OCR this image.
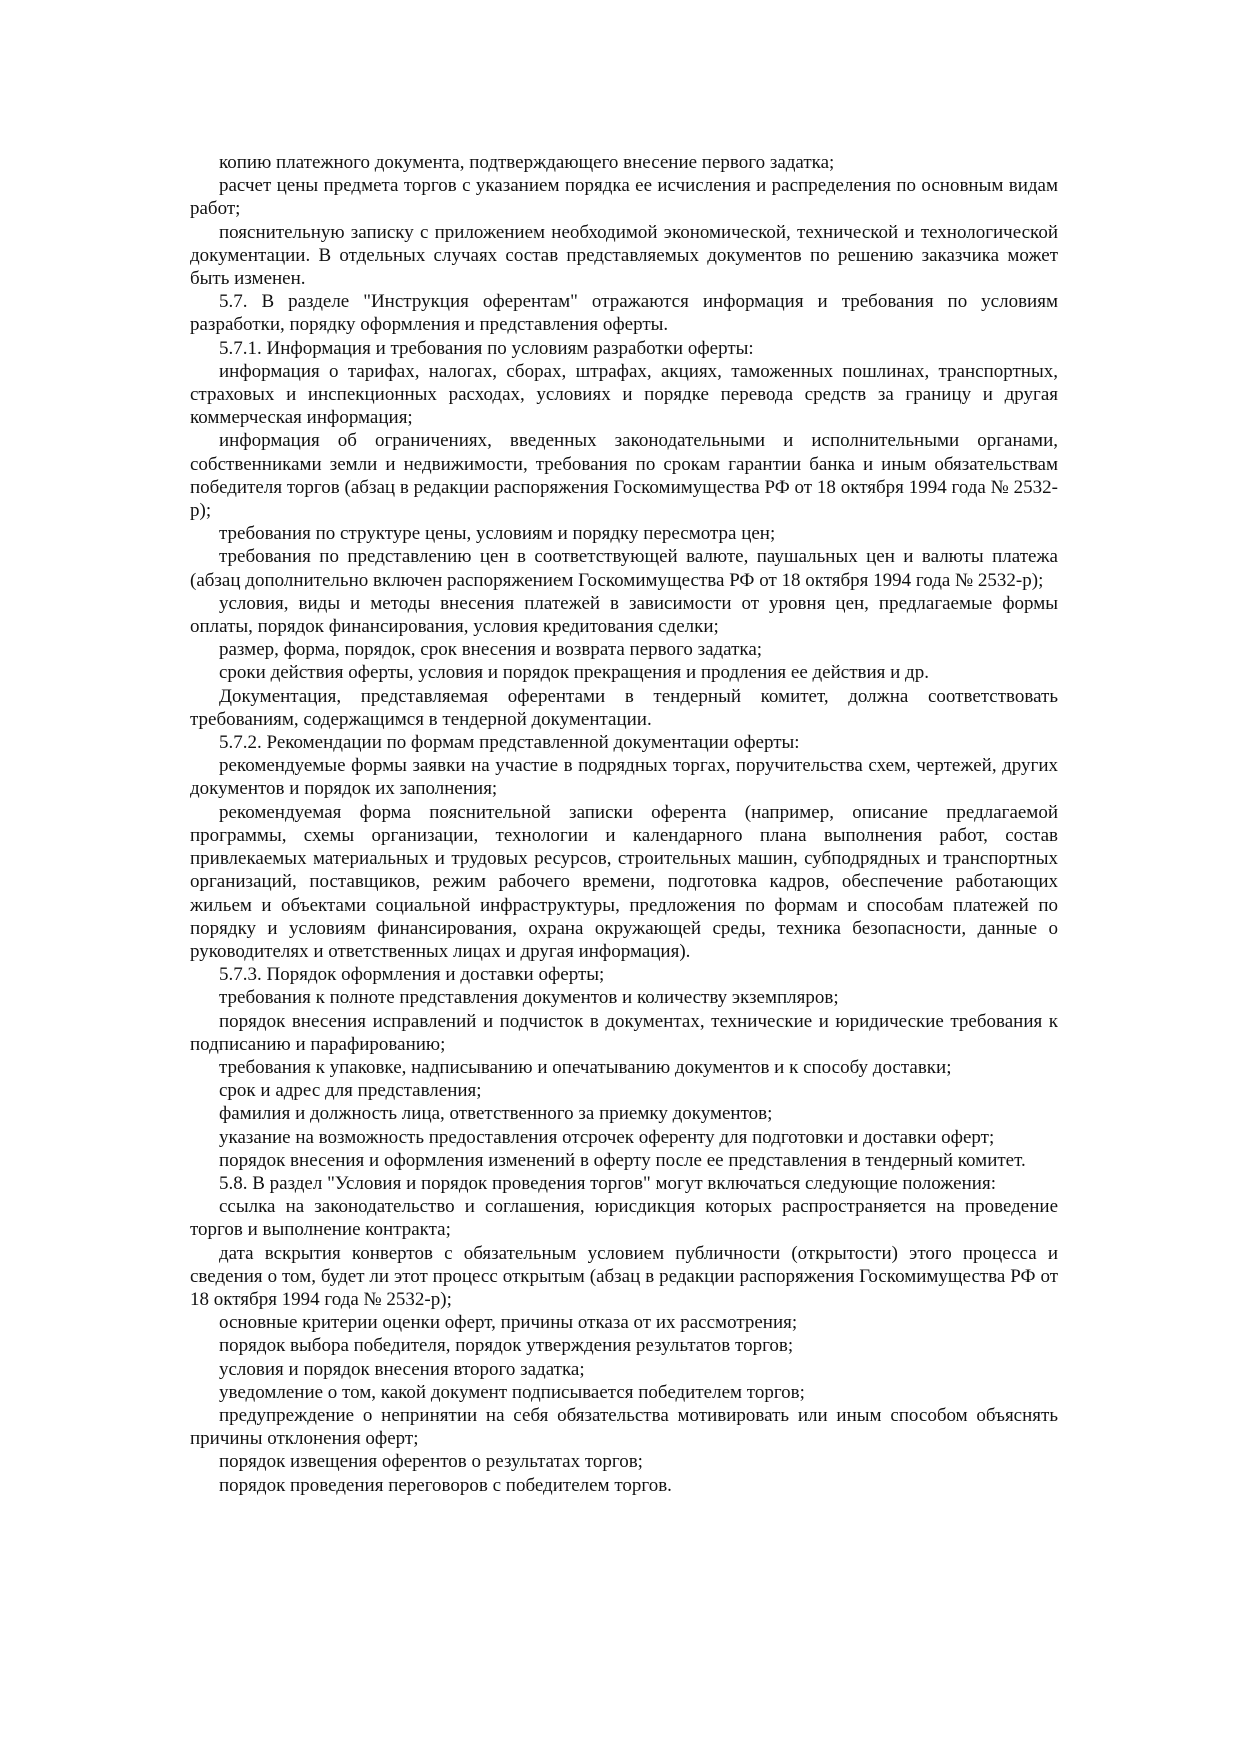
копию платежного документа, подтверждающего внесение первого задатка;

расчет цены предмета торгов с указанием порядка ее исчисления и распределения по основным видам работ;

пояснительную записку с приложением необходимой экономической, технической и технологической документации. В отдельных случаях состав представляемых документов по решению заказчика может быть изменен.

5.7. В разделе "Инструкция оферентам" отражаются информация и требования по условиям разработки, порядку оформления и представления оферты.

5.7.1. Информация и требования по условиям разработки оферты:

информация о тарифах, налогах, сборах, штрафах, акциях, таможенных пошлинах, транспортных, страховых и инспекционных расходах, условиях и порядке перевода средств за границу и другая коммерческая информация;

информация об ограничениях, введенных законодательными и исполнительными органами, собственниками земли и недвижимости, требования по срокам гарантии банка и иным обязательствам победителя торгов (абзац в редакции распоряжения Госкомимущества РФ от 18 октября 1994 года № 2532-р);

требования по структуре цены, условиям и порядку пересмотра цен;

требования по представлению цен в соответствующей валюте, паушальных цен и валюты платежа (абзац дополнительно включен распоряжением Госкомимущества РФ от 18 октября 1994 года № 2532-р);

условия, виды и методы внесения платежей в зависимости от уровня цен, предлагаемые формы оплаты, порядок финансирования, условия кредитования сделки;

размер, форма, порядок, срок внесения и возврата первого задатка;

сроки действия оферты, условия и порядок прекращения и продления ее действия и др.

Документация, представляемая оферентами в тендерный комитет, должна соответствовать требованиям, содержащимся в тендерной документации.

5.7.2. Рекомендации по формам представленной документации оферты:

рекомендуемые формы заявки на участие в подрядных торгах, поручительства схем, чертежей, других документов и порядок их заполнения;

рекомендуемая форма пояснительной записки оферента (например, описание предлагаемой программы, схемы организации, технологии и календарного плана выполнения работ, состав привлекаемых материальных и трудовых ресурсов, строительных машин, субподрядных и транспортных организаций, поставщиков, режим рабочего времени, подготовка кадров, обеспечение работающих жильем и объектами социальной инфраструктуры, предложения по формам и способам платежей по порядку и условиям финансирования, охрана окружающей среды, техника безопасности, данные о руководителях и ответственных лицах и другая информация).

5.7.3. Порядок оформления и доставки оферты;

требования к полноте представления документов и количеству экземпляров;

порядок внесения исправлений и подчисток в документах, технические и юридические требования к подписанию и парафированию;

требования к упаковке, надписыванию и опечатыванию документов и к способу доставки;

срок и адрес для представления;

фамилия и должность лица, ответственного за приемку документов;

указание на возможность предоставления отсрочек оференту для подготовки и доставки оферт;

порядок внесения и оформления изменений в оферту после ее представления в тендерный комитет.

5.8. В раздел "Условия и порядок проведения торгов" могут включаться следующие положения:

ссылка на законодательство и соглашения, юрисдикция которых распространяется на проведение торгов и выполнение контракта;

дата вскрытия конвертов с обязательным условием публичности (открытости) этого процесса и сведения о том, будет ли этот процесс открытым (абзац в редакции распоряжения Госкомимущества РФ от 18 октября 1994 года № 2532-р);

основные критерии оценки оферт, причины отказа от их рассмотрения;

порядок выбора победителя, порядок утверждения результатов торгов;

условия и порядок внесения второго задатка;

уведомление о том, какой документ подписывается победителем торгов;

предупреждение о непринятии на себя обязательства мотивировать или иным способом объяснять причины отклонения оферт;

порядок извещения оферентов о результатах торгов;

порядок проведения переговоров с победителем торгов.
